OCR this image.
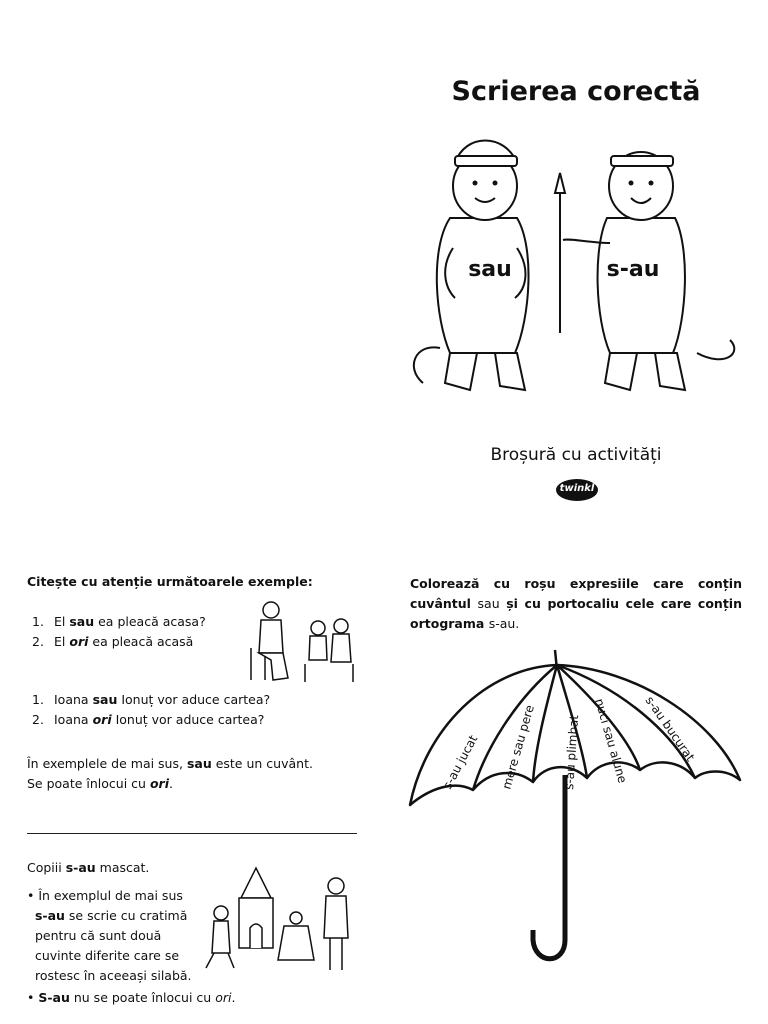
Scrierea corectă
sau	s-au
Broșură cu activități
twinkl
Citește cu atenție următoarele exemple:
1. El sau ea pleacă acasa?
2. El ori ea pleacă acasă
1. Ioana sau Ionuț vor aduce cartea?
2. Ioana ori Ionuț vor aduce cartea?
În exemplele de mai sus, sau este un cuvânt.
Se poate înlocui cu ori.
Copiii s-au mascat.

• În exemplul de mai sus

s-au se scrie cu cratimă

pentru că sunt două

cuvinte diferite care se

rostesc în aceeași silabă.

• S-au nu se poate înlocui cu ori.
Colorează cu roșu expresiile care conțin cuvântul sau și cu portocaliu cele care conțin ortograma s-au.
s-au jucat mere sau pere s-au plimbat nuci sau alune s-au bucurat
